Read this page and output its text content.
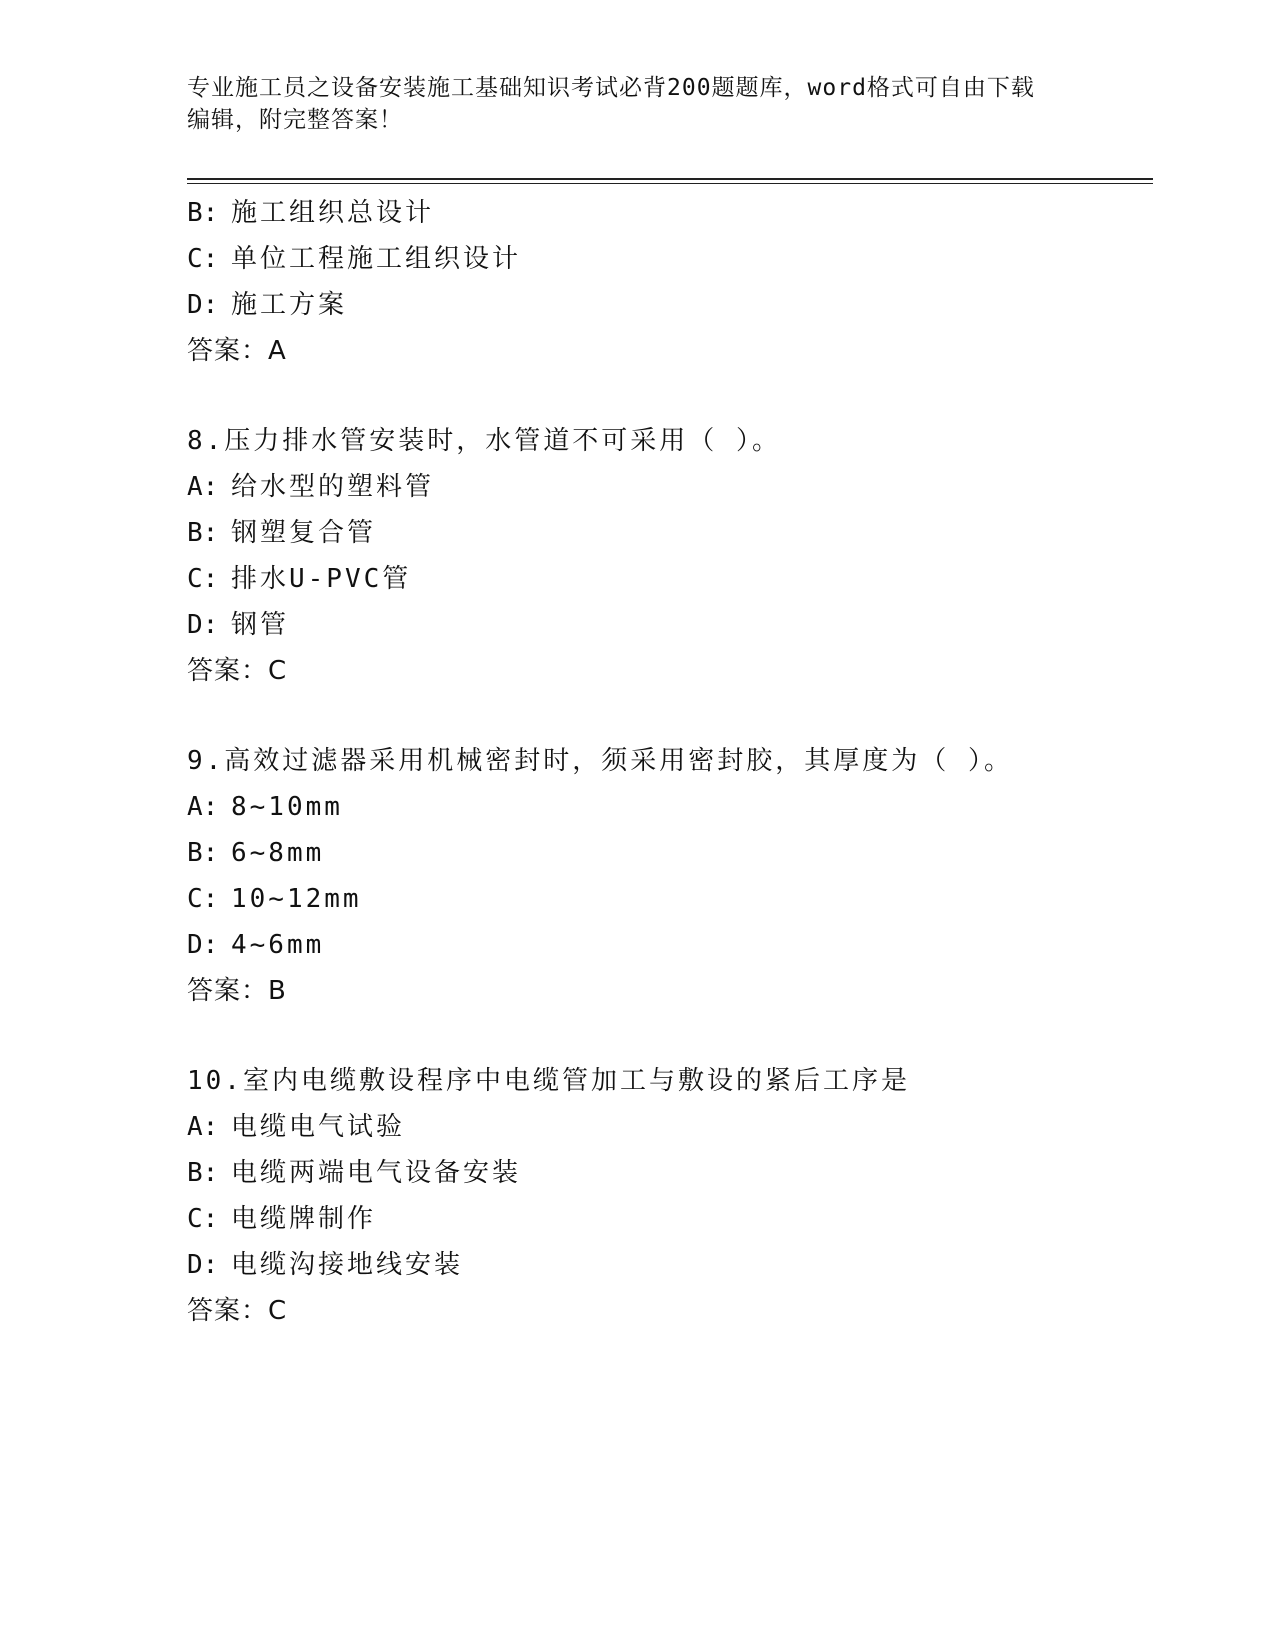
专业施工员之设备安装施工基础知识考试必背200题题库，word格式可自由下载
编辑，附完整答案！
B: 施工组织总设计
C: 单位工程施工组织设计
D: 施工方案
答案：A
8.压力排水管安装时，水管道不可采用（ ）。
A: 给水型的塑料管
B: 钢塑复合管
C: 排水U-PVC管
D: 钢管
答案：C
9.高效过滤器采用机械密封时，须采用密封胶，其厚度为（ ）。
A: 8~10mm
B: 6~8mm
C: 10~12mm
D: 4~6mm
答案：B
10.室内电缆敷设程序中电缆管加工与敷设的紧后工序是
A: 电缆电气试验
B: 电缆两端电气设备安装
C: 电缆牌制作
D: 电缆沟接地线安装
答案：C
